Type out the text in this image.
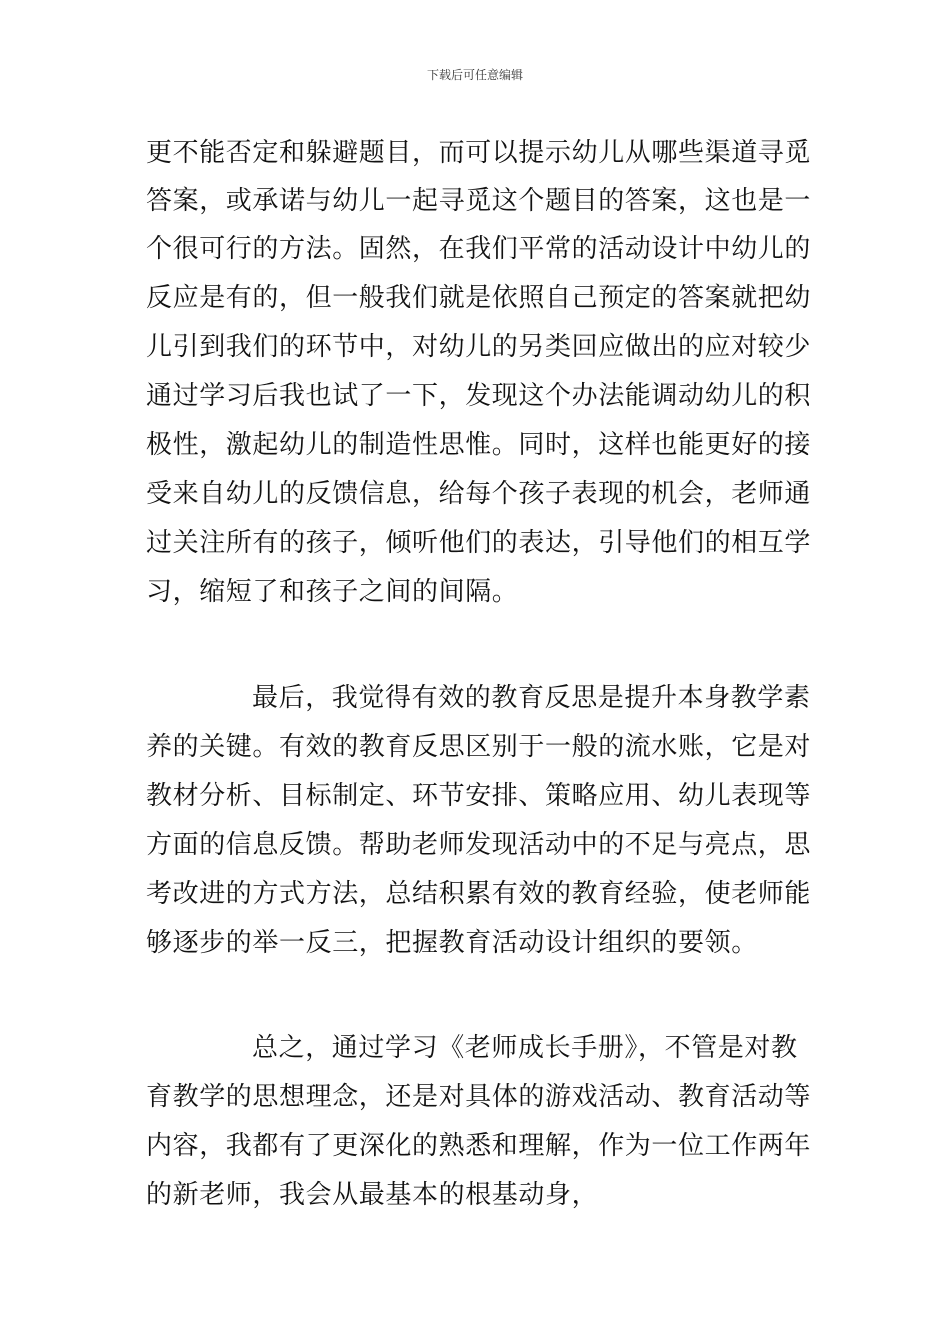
下载后可任意编辑
更不能否定和躲避题目，而可以提示幼儿从哪些渠道寻觅
答案，或承诺与幼儿一起寻觅这个题目的答案，这也是一
个很可行的方法。固然，在我们平常的活动设计中幼儿的
反应是有的，但一般我们就是依照自己预定的答案就把幼
儿引到我们的环节中，对幼儿的另类回应做出的应对较少
通过学习后我也试了一下，发现这个办法能调动幼儿的积
极性，激起幼儿的制造性思惟。同时，这样也能更好的接
受来自幼儿的反馈信息，给每个孩子表现的机会，老师通
过关注所有的孩子，倾听他们的表达，引导他们的相互学
习，缩短了和孩子之间的间隔。
最后，我觉得有效的教育反思是提升本身教学素
养的关键。有效的教育反思区别于一般的流水账，它是对
教材分析、目标制定、环节安排、策略应用、幼儿表现等
方面的信息反馈。帮助老师发现活动中的不足与亮点，思
考改进的方式方法，总结积累有效的教育经验，使老师能
够逐步的举一反三，把握教育活动设计组织的要领。
总之，通过学习《老师成长手册》，不管是对教
育教学的思想理念，还是对具体的游戏活动、教育活动等
内容，我都有了更深化的熟悉和理解，作为一位工作两年
的新老师，我会从最基本的根基动身，
